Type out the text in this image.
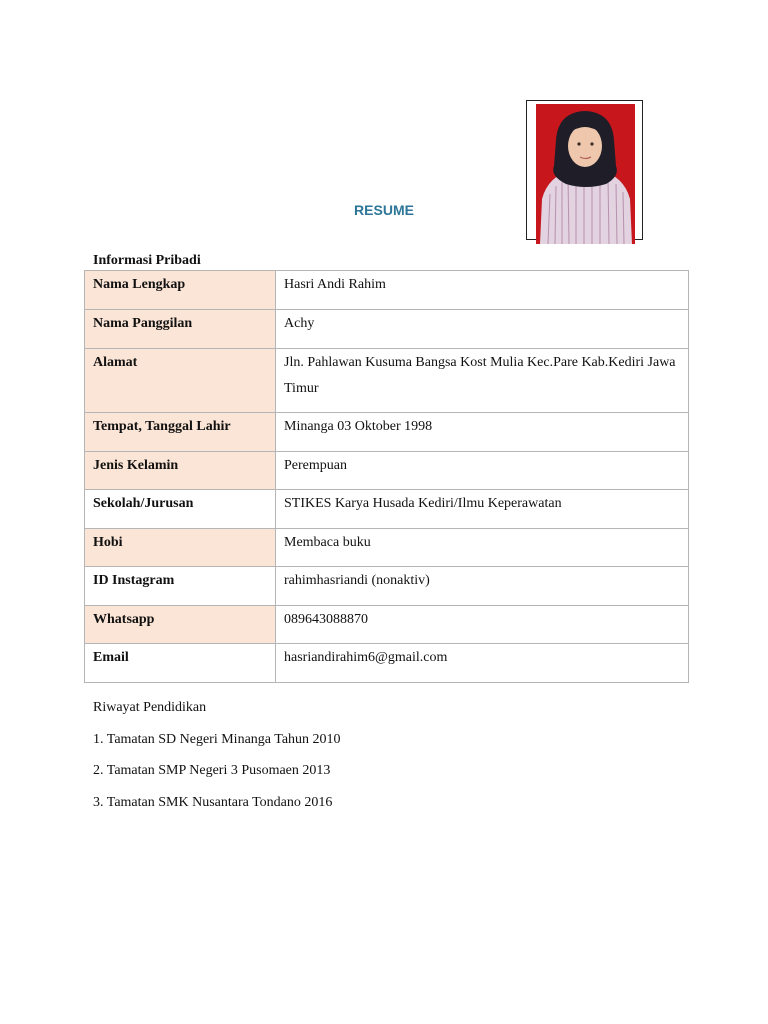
RESUME
Informasi Pribadi
Nama Lengkap	Hasri Andi Rahim
Nama Panggilan	Achy
Alamat	Jln. Pahlawan Kusuma Bangsa Kost Mulia Kec.Pare Kab.Kediri Jawa Timur
Tempat, Tanggal Lahir	Minanga 03 Oktober 1998
Jenis Kelamin	Perempuan
Sekolah/Jurusan	STIKES Karya Husada Kediri/Ilmu Keperawatan
Hobi	Membaca buku
ID Instagram	rahimhasriandi (nonaktiv)
Whatsapp	089643088870
Email	hasriandirahim6@gmail.com

Riwayat Pendidikan

1. Tamatan SD Negeri Minanga Tahun 2010

2. Tamatan SMP Negeri 3 Pusomaen 2013

3. Tamatan SMK Nusantara Tondano 2016
